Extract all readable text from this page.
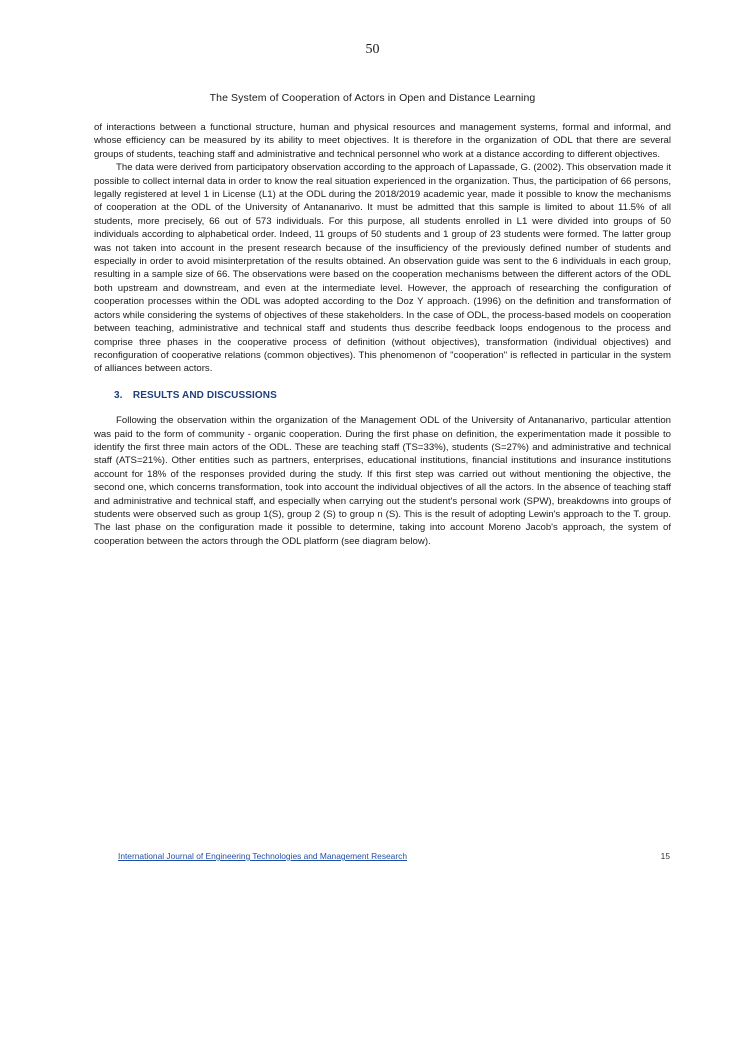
50
The System of Cooperation of Actors in Open and Distance Learning

of interactions between a functional structure, human and physical resources and management systems, formal and informal, and whose efficiency can be measured by its ability to meet objectives. It is therefore in the organization of ODL that there are several groups of students, teaching staff and administrative and technical personnel who work at a distance according to different objectives.

The data were derived from participatory observation according to the approach of Lapassade, G. (2002). This observation made it possible to collect internal data in order to know the real situation experienced in the organization. Thus, the participation of 66 persons, legally registered at level 1 in License (L1) at the ODL during the 2018/2019 academic year, made it possible to know the mechanisms of cooperation at the ODL of the University of Antananarivo. It must be admitted that this sample is limited to about 11.5% of all students, more precisely, 66 out of 573 individuals. For this purpose, all students enrolled in L1 were divided into groups of 50 individuals according to alphabetical order. Indeed, 11 groups of 50 students and 1 group of 23 students were formed. The latter group was not taken into account in the present research because of the insufficiency of the previously defined number of students and especially in order to avoid misinterpretation of the results obtained. An observation guide was sent to the 6 individuals in each group, resulting in a sample size of 66. The observations were based on the cooperation mechanisms between the different actors of the ODL both upstream and downstream, and even at the intermediate level. However, the approach of researching the configuration of cooperation processes within the ODL was adopted according to the Doz Y approach. (1996) on the definition and transformation of actors while considering the systems of objectives of these stakeholders. In the case of ODL, the process-based models on cooperation between teaching, administrative and technical staff and students thus describe feedback loops endogenous to the process and comprise three phases in the cooperative process of definition (without objectives), transformation (individual objectives) and reconfiguration of cooperative relations (common objectives). This phenomenon of "cooperation" is reflected in particular in the system of alliances between actors.

3. RESULTS AND DISCUSSIONS

Following the observation within the organization of the Management ODL of the University of Antananarivo, particular attention was paid to the form of community - organic cooperation. During the first phase on definition, the experimentation made it possible to identify the first three main actors of the ODL. These are teaching staff (TS=33%), students (S=27%) and administrative and technical staff (ATS=21%). Other entities such as partners, enterprises, educational institutions, financial institutions and insurance institutions account for 18% of the responses provided during the study. If this first step was carried out without mentioning the objective, the second one, which concerns transformation, took into account the individual objectives of all the actors. In the absence of teaching staff and administrative and technical staff, and especially when carrying out the student's personal work (SPW), breakdowns into groups of students were observed such as group 1(S), group 2 (S) to group n (S). This is the result of adopting Lewin's approach to the T. group. The last phase on the configuration made it possible to determine, taking into account Moreno Jacob's approach, the system of cooperation between the actors through the ODL platform (see diagram below).

International Journal of Engineering Technologies and Management Research	15
